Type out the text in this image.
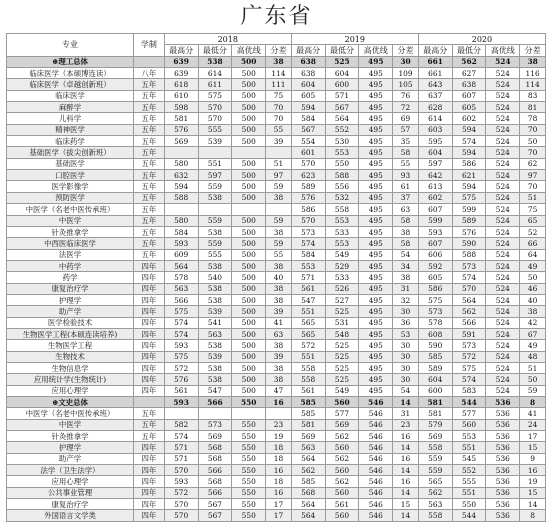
广东省
专业	学制	2018				2019				2020			
		最高分	最低分	高优线	分差	最高分	最低分	高优线	分差	最高分	最低分	高优线	分差
⊕理工总体		639	538	500	38	638	525	495	30	661	562	524	38
临床医学（本硕博连读）	八年	639	614	500	114	638	604	495	109	661	627	524	116
临床医学（卓越创新班）	五年	618	611	500	111	604	600	495	105	643	638	524	114
临床医学	五年	610	575	500	75	605	571	495	76	637	607	524	83
麻醉学	五年	598	570	500	70	594	567	495	72	628	605	524	81
儿科学	五年	581	570	500	70	584	564	495	69	614	602	524	78
精神医学	五年	576	555	500	55	567	552	495	57	603	594	524	70
临床药学	五年	569	539	500	39	554	530	495	35	595	574	524	50
基础医学（拔尖创新班）	五年					601	553	495	58	604	594	524	70
基础医学	五年	580	551	500	51	570	550	495	55	597	586	524	62
口腔医学	五年	632	597	500	97	623	588	495	93	642	621	524	97
医学影像学	五年	594	559	500	59	589	556	495	61	613	594	524	70
预防医学	五年	588	538	500	38	576	532	495	37	602	575	524	51
中医学（名老中医传承班）	五年					586	558	495	63	607	599	524	75
中医学	五年	580	559	500	59	570	553	495	58	599	589	524	65
针灸推拿学	五年	584	538	500	38	573	533	495	38	593	576	524	52
中西医临床医学	五年	593	559	500	59	574	553	495	58	607	590	524	66
法医学	五年	609	555	500	55	584	549	495	54	606	588	524	64
中药学	四年	564	538	500	38	553	529	495	34	592	573	524	49
药学	四年	578	540	500	40	571	533	495	38	605	574	524	50
康复治疗学	四年	563	538	500	38	561	526	495	31	586	570	524	46
护理学	四年	566	538	500	38	547	527	495	32	575	564	524	40
助产学	四年	575	539	500	39	551	525	495	30	573	562	524	38
医学检验技术	四年	574	541	500	41	565	531	495	36	578	566	524	42
生物医学工程(本硕连读培养)	四年	574	563	500	63	565	548	495	53	608	591	524	67
生物医学工程	四年	593	538	500	38	572	525	495	30	590	573	524	49
生物技术	四年	575	539	500	39	551	525	495	30	585	572	524	48
生物信息学	四年	572	538	500	38	558	525	495	30	589	575	524	51
应用统计学(生物统计)	四年	576	538	500	38	558	525	495	30	604	574	524	50
应用心理学	四年	561	547	500	47	561	549	495	54	600	583	524	59
⊕文史总体		593	566	550	16	585	560	546	14	581	544	536	8
中医学（名老中医传承班）	五年					585	577	546	31	581	577	536	41
中医学	五年	582	573	550	23	581	569	546	23	579	560	536	24
针灸推拿学	五年	574	569	550	19	569	562	546	16	569	553	536	17
护理学	四年	571	568	550	18	563	560	546	14	558	551	536	15
助产学	四年	571	568	550	18	564	562	546	16	559	545	536	9
法学（卫生法学）	四年	570	566	550	16	562	560	546	14	559	552	536	16
应用心理学	四年	593	568	550	18	585	562	546	16	565	555	536	19
公共事业管理	四年	572	566	550	16	568	560	546	14	562	551	536	15
康复治疗学	四年	570	567	550	17	564	561	546	15	563	550	536	14
外国语言文学类	四年	570	567	550	17	564	560	546	14	558	544	536	8
